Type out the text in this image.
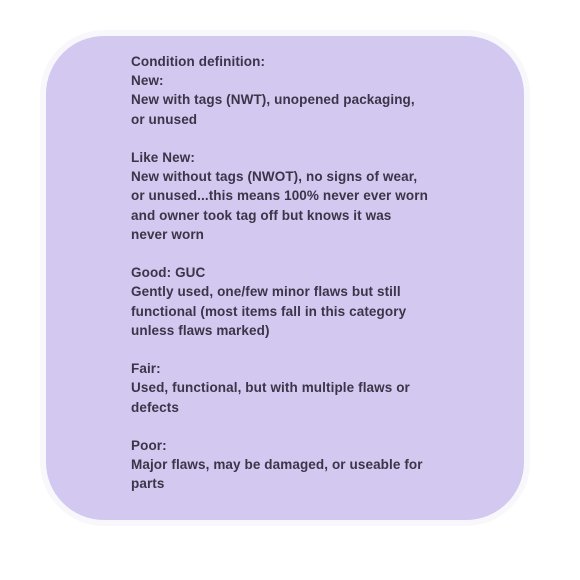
Condition definition:
New:
New with tags (NWT), unopened packaging, or unused
Like New:
New without tags (NWOT), no signs of wear, or unused...this means 100% never ever worn and owner took tag off but knows it was never worn
Good: GUC
Gently used, one/few minor flaws but still functional (most items fall in this category unless flaws marked)
Fair:
Used, functional, but with multiple flaws or defects
Poor:
Major flaws, may be damaged, or useable for parts
